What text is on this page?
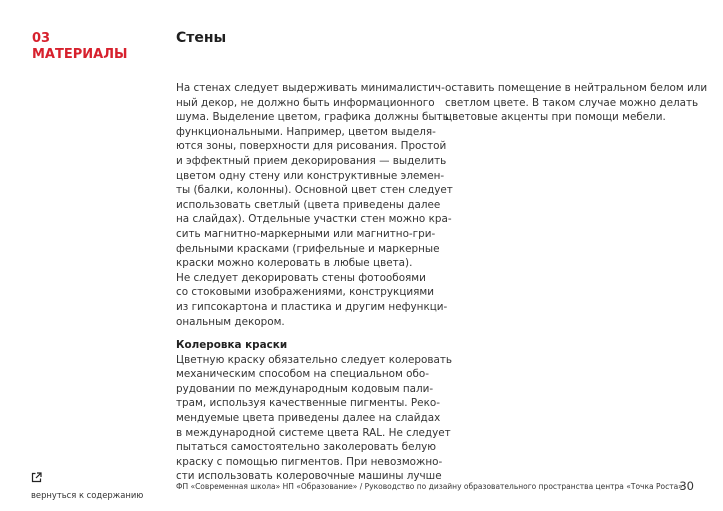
03
МАТЕРИАЛЫ
Стены

На стенах следует выдерживать минималистич-

ный декор, не должно быть информационного

шума. Выделение цветом, графика должны быть

функциональными. Например, цветом выделя-

ются зоны, поверхности для рисования. Простой

и эффектный прием декорирования — выделить

цветом одну стену или конструктивные элемен-

ты (балки, колонны). Основной цвет стен следует

использовать светлый (цвета приведены далее

на слайдах). Отдельные участки стен можно кра-

сить магнитно-маркерными или магнитно-гри-

фельными красками (грифельные и маркерные

краски можно колеровать в любые цвета).

Не следует декорировать стены фотообоями

со стоковыми изображениями, конструкциями

из гипсокартона и пластика и другим нефункци-

ональным декором.

Колеровка краски

Цветную краску обязательно следует колеровать

механическим способом на специальном обо-

рудовании по международным кодовым пали-

трам, используя качественные пигменты. Реко-

мендуемые цвета приведены далее на слайдах

в международной системе цвета RAL. Не следует

пытаться самостоятельно заколеровать белую

краску с помощью пигментов. При невозможно-

сти использовать колеровочные машины лучше

оставить помещение в нейтральном белом или

светлом цвете. В таком случае можно делать

цветовые акценты при помощи мебели.

вернуться к содержанию
ФП «Современная школа» НП «Образование» / Руководство по дизайну образовательного пространства центра «Точка Роста»
30
